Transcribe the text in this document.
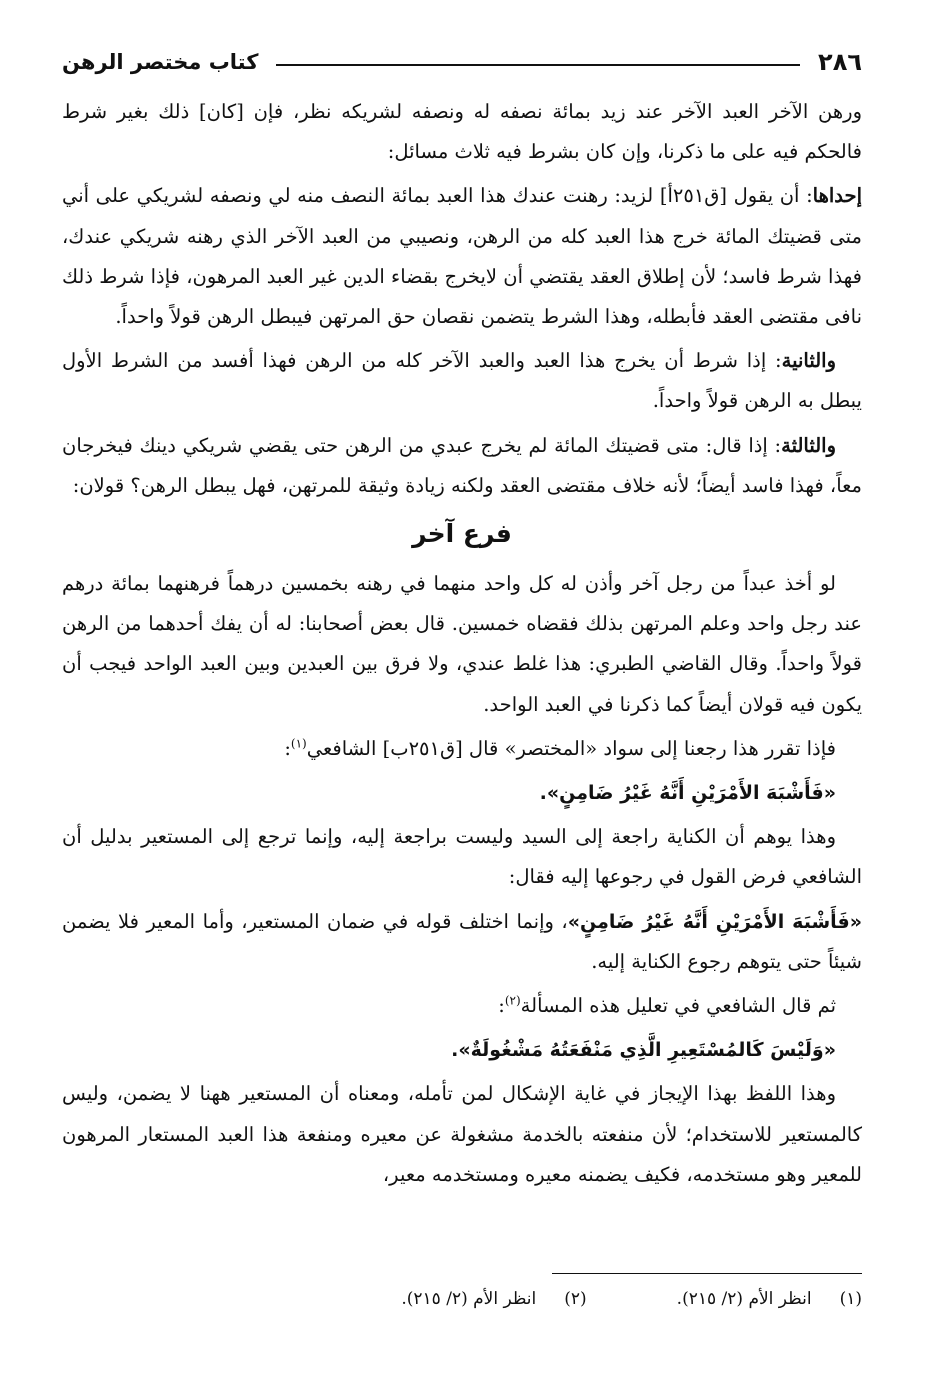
٢٨٦
كتاب مختصر الرهن

ورهن الآخر العبد الآخر عند زيد بمائة نصفه له ونصفه لشريكه نظر، فإن [كان] ذلك بغير شرط فالحكم فيه على ما ذكرنا، وإن كان بشرط فيه ثلاث مسائل:

إحداها: أن يقول [ق٢٥١أ] لزيد: رهنت عندك هذا العبد بمائة النصف منه لي ونصفه لشريكي على أني متى قضيتك المائة خرج هذا العبد كله من الرهن، ونصيبي من العبد الآخر الذي رهنه شريكي عندك، فهذا شرط فاسد؛ لأن إطلاق العقد يقتضي أن لايخرج بقضاء الدين غير العبد المرهون، فإذا شرط ذلك نافى مقتضى العقد فأبطله، وهذا الشرط يتضمن نقصان حق المرتهن فيبطل الرهن قولاً واحداً.

والثانية: إذا شرط أن يخرج هذا العبد والعبد الآخر كله من الرهن فهذا أفسد من الشرط الأول يبطل به الرهن قولاً واحداً.

والثالثة: إذا قال: متى قضيتك المائة لم يخرج عبدي من الرهن حتى يقضي شريكي دينك فيخرجان معاً، فهذا فاسد أيضاً؛ لأنه خلاف مقتضى العقد ولكنه زيادة وثيقة للمرتهن، فهل يبطل الرهن؟ قولان:

فرع آخر

لو أخذ عبداً من رجل آخر وأذن له كل واحد منهما في رهنه بخمسين درهماً فرهنهما بمائة درهم عند رجل واحد وعلم المرتهن بذلك فقضاه خمسين. قال بعض أصحابنا: له أن يفك أحدهما من الرهن قولاً واحداً. وقال القاضي الطبري: هذا غلط عندي، ولا فرق بين العبدين وبين العبد الواحد فيجب أن يكون فيه قولان أيضاً كما ذكرنا في العبد الواحد.

فإذا تقرر هذا رجعنا إلى سواد «المختصر» قال [ق٢٥١ب] الشافعي$^{(١)}$:

«فَأَشْبَهَ الأَمْرَيْنِ أَنَّهُ غَيْرُ ضَامِنٍ».

وهذا يوهم أن الكناية راجعة إلى السيد وليست براجعة إليه، وإنما ترجع إلى المستعير بدليل أن الشافعي فرض القول في رجوعها إليه فقال:

«فَأَشْبَهَ الأَمْرَيْنِ أَنَّهُ غَيْرُ ضَامِنٍ»، وإنما اختلف قوله في ضمان المستعير، وأما المعير فلا يضمن شيئاً حتى يتوهم رجوع الكناية إليه.

ثم قال الشافعي في تعليل هذه المسألة$^{(٢)}$:

«وَلَيْسَ كَالمُسْتَعِيرِ الَّذِي مَنْفَعَتُهُ مَشْغُولَةٌ».

وهذا اللفظ بهذا الإيجاز في غاية الإشكال لمن تأمله، ومعناه أن المستعير ههنا لا يضمن، وليس كالمستعير للاستخدام؛ لأن منفعته بالخدمة مشغولة عن معيره ومنفعة هذا العبد المستعار المرهون للمعير وهو مستخدمه، فكيف يضمنه معيره ومستخدمه معير،

(١)انظر الأم (٢/ ٢١٥).
(٢)انظر الأم (٢/ ٢١٥).
